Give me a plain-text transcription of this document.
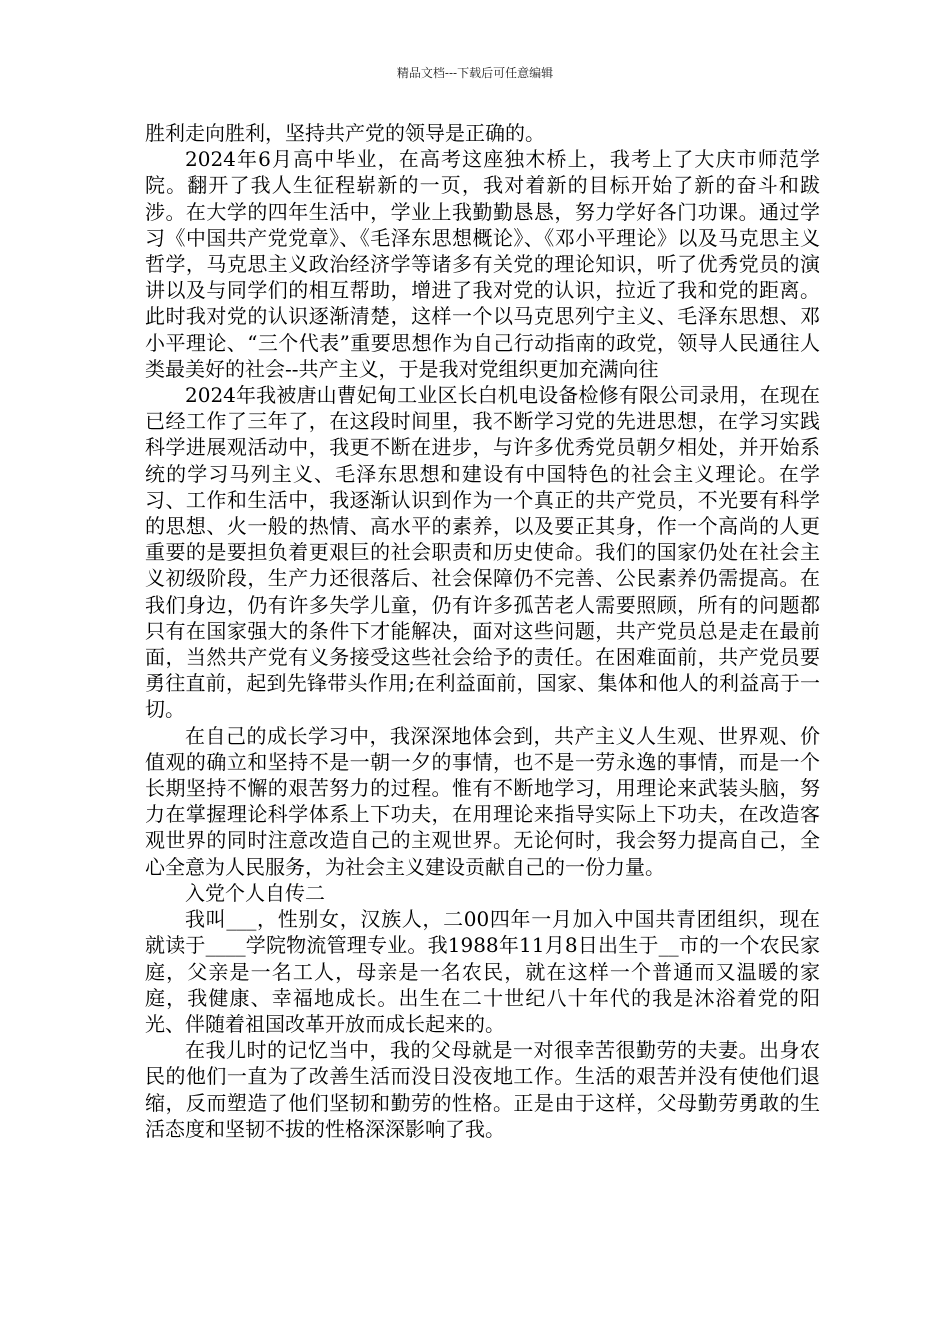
精品文档---下载后可任意编辑

胜利走向胜利，坚持共产党的领导是正确的。

2024年6月高中毕业，在高考这座独木桥上，我考上了大庆市师范学院。翻开了我人生征程崭新的一页，我对着新的目标开始了新的奋斗和跋涉。在大学的四年生活中，学业上我勤勤恳恳，努力学好各门功课。通过学习《中国共产党党章》、《毛泽东思想概论》、《邓小平理论》以及马克思主义哲学，马克思主义政治经济学等诸多有关党的理论知识，听了优秀党员的演讲以及与同学们的相互帮助，增进了我对党的认识，拉近了我和党的距离。此时我对党的认识逐渐清楚，这样一个以马克思列宁主义、毛泽东思想、邓小平理论、“三个代表”重要思想作为自己行动指南的政党，领导人民通往人类最美好的社会--共产主义，于是我对党组织更加充满向往

2024年我被唐山曹妃甸工业区长白机电设备检修有限公司录用，在现在已经工作了三年了，在这段时间里，我不断学习党的先进思想，在学习实践科学进展观活动中，我更不断在进步，与许多优秀党员朝夕相处，并开始系统的学习马列主义、毛泽东思想和建设有中国特色的社会主义理论。在学习、工作和生活中，我逐渐认识到作为一个真正的共产党员，不光要有科学的思想、火一般的热情、高水平的素养，以及要正其身，作一个高尚的人更重要的是要担负着更艰巨的社会职责和历史使命。我们的国家仍处在社会主义初级阶段，生产力还很落后、社会保障仍不完善、公民素养仍需提高。在我们身边，仍有许多失学儿童，仍有许多孤苦老人需要照顾，所有的问题都只有在国家强大的条件下才能解决，面对这些问题，共产党员总是走在最前面，当然共产党有义务接受这些社会给予的责任。在困难面前，共产党员要勇往直前，起到先锋带头作用;在利益面前，国家、集体和他人的利益高于一切。

在自己的成长学习中，我深深地体会到，共产主义人生观、世界观、价值观的确立和坚持不是一朝一夕的事情，也不是一劳永逸的事情，而是一个长期坚持不懈的艰苦努力的过程。惟有不断地学习，用理论来武装头脑，努力在掌握理论科学体系上下功夫，在用理论来指导实际上下功夫，在改造客观世界的同时注意改造自己的主观世界。无论何时，我会努力提高自己，全心全意为人民服务，为社会主义建设贡献自己的一份力量。

入党个人自传二

我叫___，性别女，汉族人，二00四年一月加入中国共青团组织，现在就读于____学院物流管理专业。我1988年11月8日出生于__市的一个农民家庭，父亲是一名工人，母亲是一名农民，就在这样一个普通而又温暖的家庭，我健康、幸福地成长。出生在二十世纪八十年代的我是沐浴着党的阳光、伴随着祖国改革开放而成长起来的。

在我儿时的记忆当中，我的父母就是一对很幸苦很勤劳的夫妻。出身农民的他们一直为了改善生活而没日没夜地工作。生活的艰苦并没有使他们退缩，反而塑造了他们坚韧和勤劳的性格。正是由于这样，父母勤劳勇敢的生活态度和坚韧不拔的性格深深影响了我。
